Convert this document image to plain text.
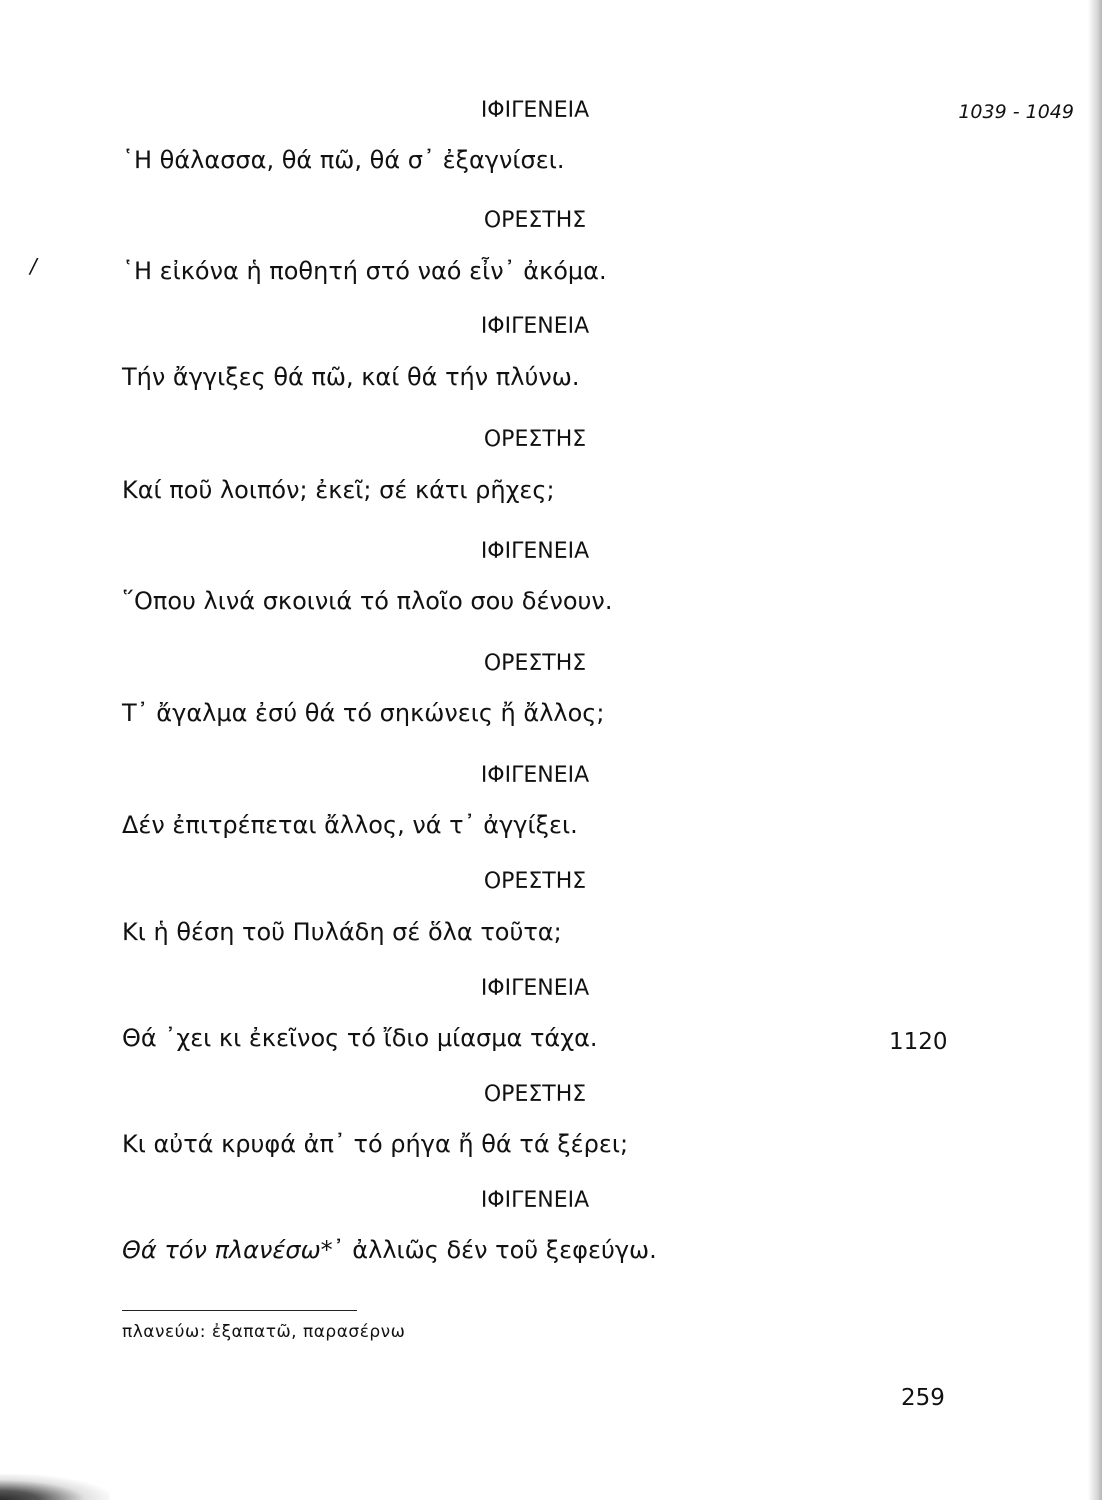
1039 - 1049
/
ΙΦΙΓΕΝΕΙΑ
῾Η θάλασσα, θά πῶ, θά σ᾽ ἐξαγνίσει.
ΟΡΕΣΤΗΣ
῾Η εἰκόνα ἡ ποθητή στό ναό εἶν᾽ ἀκόμα.
ΙΦΙΓΕΝΕΙΑ
Τήν ἄγγιξες θά πῶ, καί θά τήν πλύνω.
ΟΡΕΣΤΗΣ
Καί ποῦ λοιπόν; ἐκεῖ; σέ κάτι ρῆχες;
ΙΦΙΓΕΝΕΙΑ
῞Οπου λινά σκοινιά τό πλοῖο σου δένουν.
ΟΡΕΣΤΗΣ
Τ᾽ ἄγαλμα ἐσύ θά τό σηκώνεις ἤ ἄλλος;
ΙΦΙΓΕΝΕΙΑ
Δέν ἐπιτρέπεται ἄλλος, νά τ᾽ ἀγγίξει.
ΟΡΕΣΤΗΣ
Κι ἡ θέση τοῦ Πυλάδη σέ ὅλα τοῦτα;
ΙΦΙΓΕΝΕΙΑ
Θά ᾽χει κι ἐκεῖνος τό ἴδιο μίασμα τάχα.	1120
ΟΡΕΣΤΗΣ
Κι αὐτά κρυφά ἀπ᾽ τό ρήγα ἤ θά τά ξέρει;
ΙΦΙΓΕΝΕΙΑ
Θά τόν πλανέσω*᾽ ἀλλιῶς δέν τοῦ ξεφεύγω.
πλανεύω: ἐξαπατῶ, παρασέρνω
259
